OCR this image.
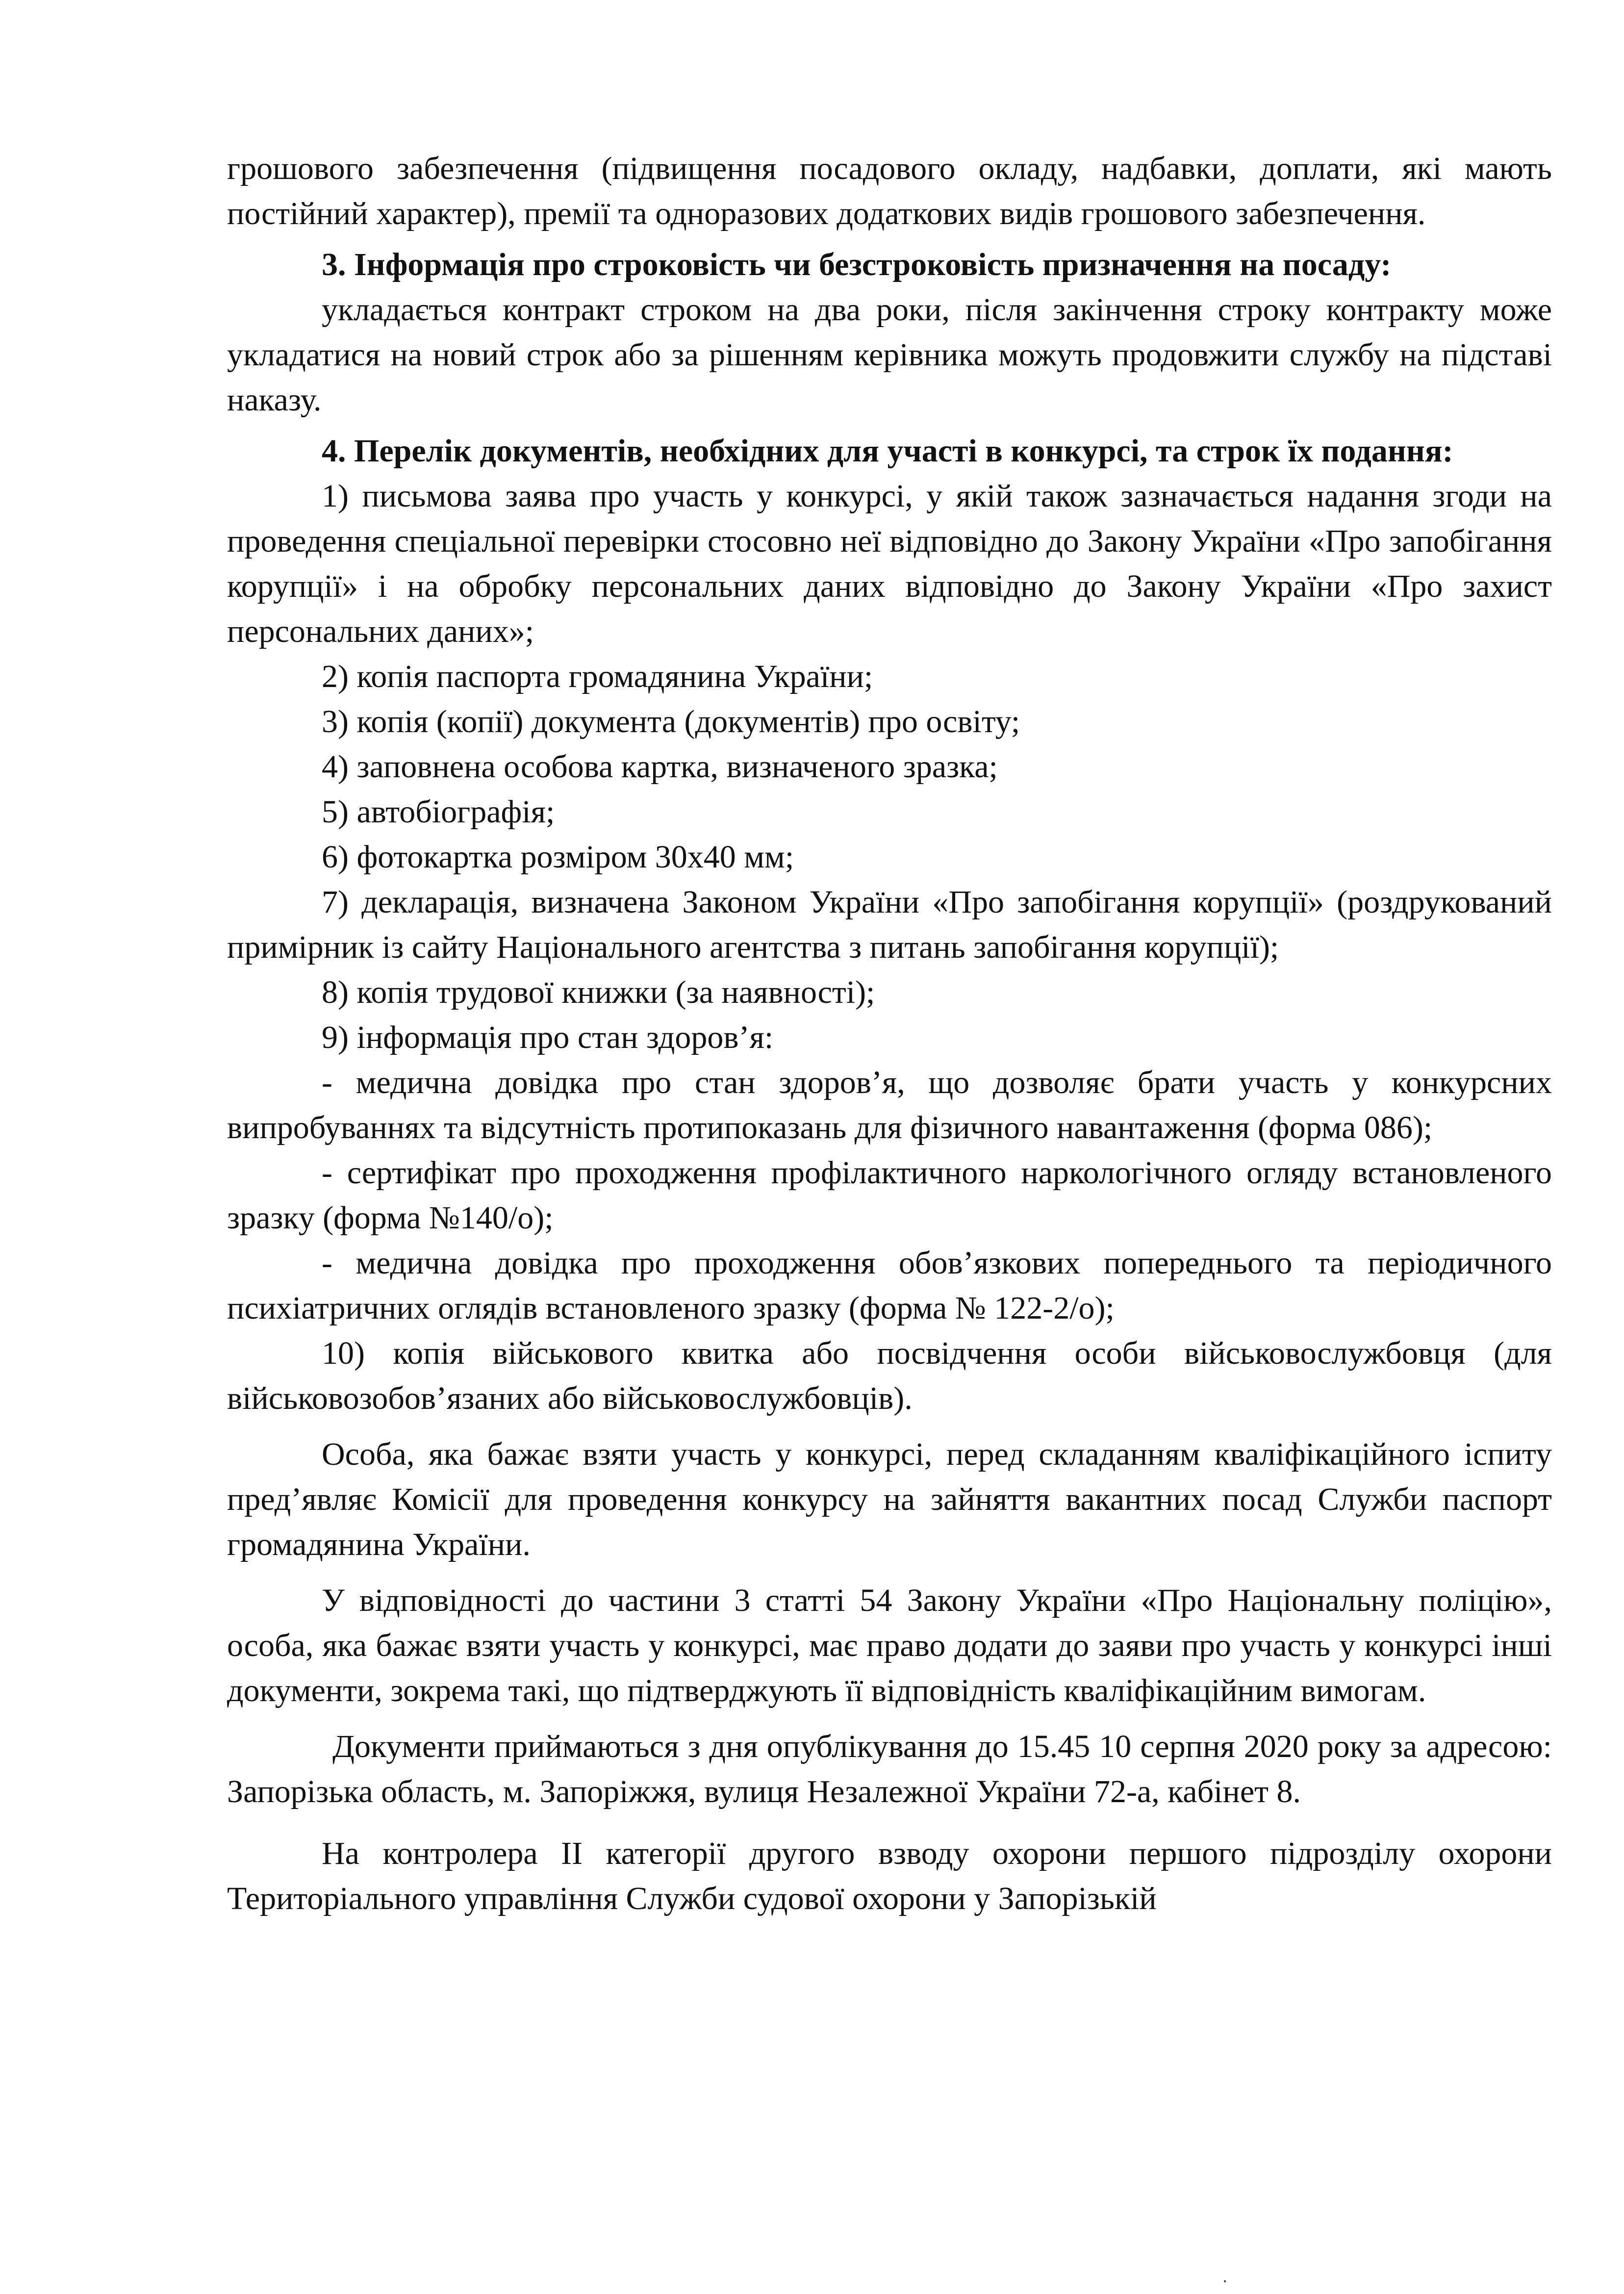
грошового забезпечення (підвищення посадового окладу, надбавки, доплати, які мають постійний характер), премії та одноразових додаткових видів грошового забезпечення.

3. Інформація про строковість чи безстроковість призначення на посаду:

укладається контракт строком на два роки, після закінчення строку контракту може укладатися на новий строк або за рішенням керівника можуть продовжити службу на підставі наказу.

4. Перелік документів, необхідних для участі в конкурсі, та строк їх подання:

1) письмова заява про участь у конкурсі, у якій також зазначається надання згоди на проведення спеціальної перевірки стосовно неї відповідно до Закону України «Про запобігання корупції» і на обробку персональних даних відповідно до Закону України «Про захист персональних даних»;

2) копія паспорта громадянина України;

3) копія (копії) документа (документів) про освіту;

4) заповнена особова картка, визначеного зразка;

5) автобіографія;

6) фотокартка розміром 30х40 мм;

7) декларація, визначена Законом України «Про запобігання корупції» (роздрукований примірник із сайту Національного агентства з питань запобігання корупції);

8) копія трудової книжки (за наявності);

9) інформація про стан здоров’я:

- медична довідка про стан здоров’я, що дозволяє брати участь у конкурсних випробуваннях та відсутність протипоказань для фізичного навантаження (форма 086);

- сертифікат про проходження профілактичного наркологічного огляду встановленого зразку (форма №140/о);

- медична довідка про проходження обов’язкових попереднього та періодичного психіатричних оглядів встановленого зразку (форма № 122-2/о);

10) копія військового квитка або посвідчення особи військовослужбовця (для військовозобов’язаних або військовослужбовців).

Особа, яка бажає взяти участь у конкурсі, перед складанням кваліфікаційного іспиту пред’являє Комісії для проведення конкурсу на зайняття вакантних посад Служби паспорт громадянина України.

У відповідності до частини 3 статті 54 Закону України «Про Національну поліцію», особа, яка бажає взяти участь у конкурсі, має право додати до заяви про участь у конкурсі інші документи, зокрема такі, що підтверджують її відповідність кваліфікаційним вимогам.

Документи приймаються з дня опублікування до 15.45 10 серпня 2020 року за адресою: Запорізька область, м. Запоріжжя, вулиця Незалежної України 72-а, кабінет 8.

На контролера ІІ категорії другого взводу охорони першого підрозділу охорони Територіального управління Служби судової охорони у Запорізькій
